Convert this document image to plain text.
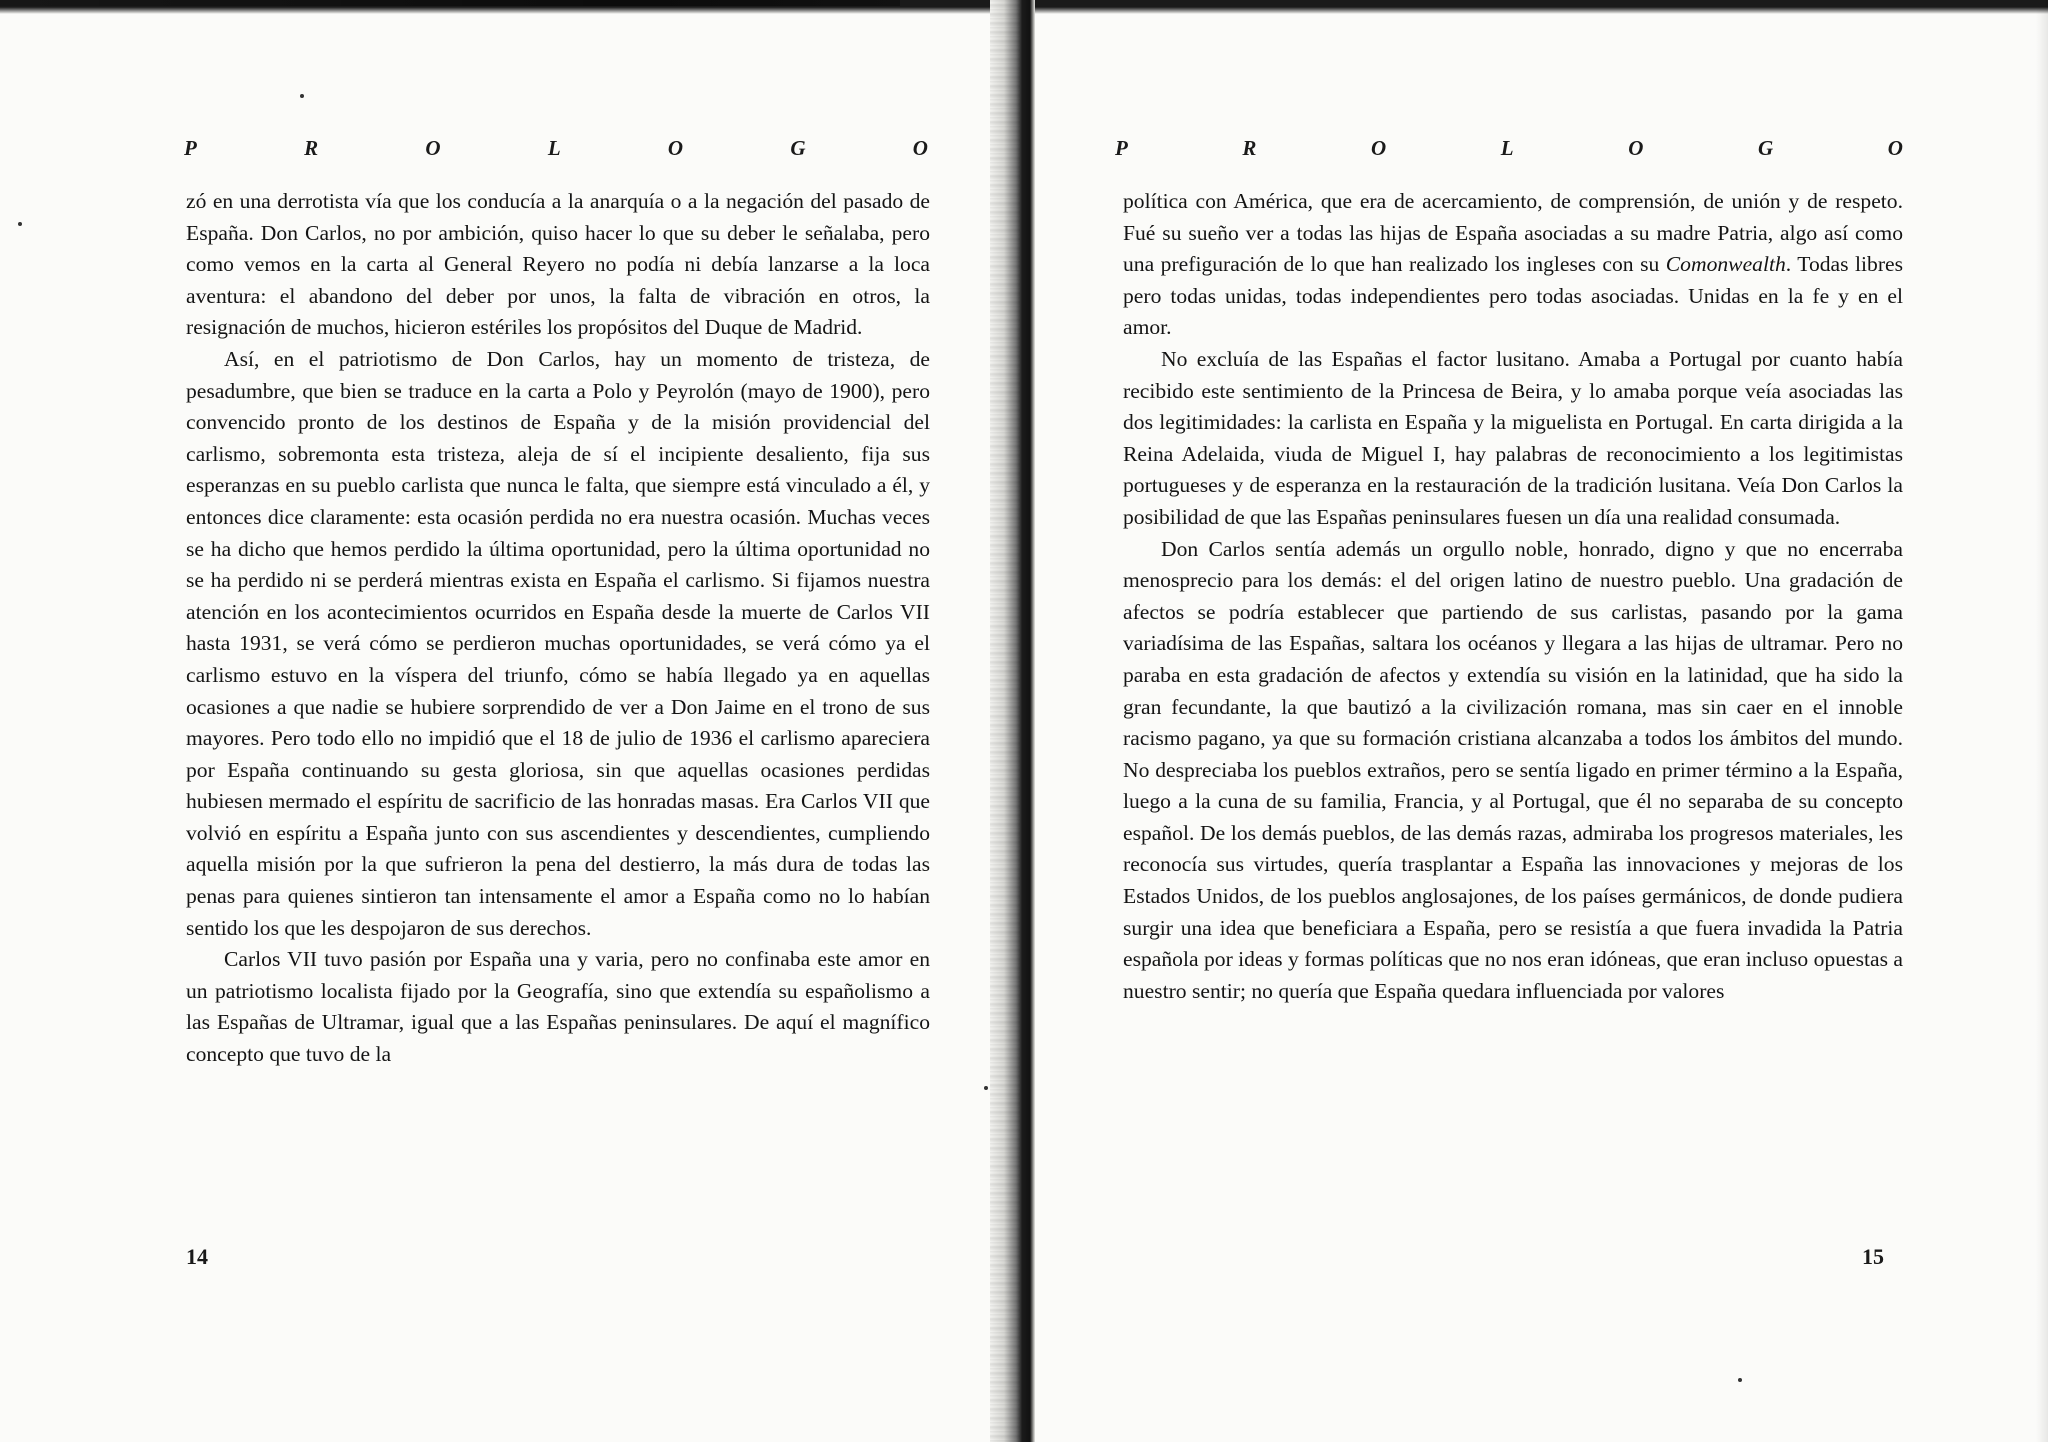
P	R	O	L	O	G	O

zó en una derrotista vía que los conducía a la anarquía o a la negación del pasado de España. Don Carlos, no por ambición, quiso hacer lo que su deber le señalaba, pero como vemos en la carta al General Reyero no podía ni debía lanzarse a la loca aventura: el abandono del deber por unos, la falta de vibración en otros, la resignación de muchos, hicieron estériles los propósitos del Duque de Madrid.

Así, en el patriotismo de Don Carlos, hay un momento de tristeza, de pesadumbre, que bien se traduce en la carta a Polo y Peyrolón (mayo de 1900), pero convencido pronto de los destinos de España y de la misión providencial del carlismo, sobremonta esta tristeza, aleja de sí el incipiente desaliento, fija sus esperanzas en su pueblo carlista que nunca le falta, que siempre está vinculado a él, y entonces dice claramente: esta ocasión perdida no era nuestra ocasión. Muchas veces se ha dicho que hemos perdido la última oportunidad, pero la última oportunidad no se ha perdido ni se perderá mientras exista en España el carlismo. Si fijamos nuestra atención en los acontecimientos ocurridos en España desde la muerte de Carlos VII hasta 1931, se verá cómo se perdieron muchas oportunidades, se verá cómo ya el carlismo estuvo en la víspera del triunfo, cómo se había llegado ya en aquellas ocasiones a que nadie se hubiere sorprendido de ver a Don Jaime en el trono de sus mayores. Pero todo ello no impidió que el 18 de julio de 1936 el carlismo apareciera por España continuando su gesta gloriosa, sin que aquellas ocasiones perdidas hubiesen mermado el espíritu de sacrificio de las honradas masas. Era Carlos VII que volvió en espíritu a España junto con sus ascendientes y descendientes, cumpliendo aquella misión por la que sufrieron la pena del destierro, la más dura de todas las penas para quienes sintieron tan intensamente el amor a España como no lo habían sentido los que les despojaron de sus derechos.

Carlos VII tuvo pasión por España una y varia, pero no confinaba este amor en un patriotismo localista fijado por la Geografía, sino que extendía su españolismo a las Españas de Ultramar, igual que a las Españas peninsulares. De aquí el magnífico concepto que tuvo de la

14
P	R	O	L	O	G	O

política con América, que era de acercamiento, de comprensión, de unión y de respeto. Fué su sueño ver a todas las hijas de España asociadas a su madre Patria, algo así como una prefiguración de lo que han realizado los ingleses con su Comonwealth. Todas libres pero todas unidas, todas independientes pero todas asociadas. Unidas en la fe y en el amor.

No excluía de las Españas el factor lusitano. Amaba a Portugal por cuanto había recibido este sentimiento de la Princesa de Beira, y lo amaba porque veía asociadas las dos legitimidades: la carlista en España y la miguelista en Portugal. En carta dirigida a la Reina Adelaida, viuda de Miguel I, hay palabras de reconocimiento a los legitimistas portugueses y de esperanza en la restauración de la tradición lusitana. Veía Don Carlos la posibilidad de que las Españas peninsulares fuesen un día una realidad consumada.

Don Carlos sentía además un orgullo noble, honrado, digno y que no encerraba menosprecio para los demás: el del origen latino de nuestro pueblo. Una gradación de afectos se podría establecer que partiendo de sus carlistas, pasando por la gama variadísima de las Españas, saltara los océanos y llegara a las hijas de ultramar. Pero no paraba en esta gradación de afectos y extendía su visión en la latinidad, que ha sido la gran fecundante, la que bautizó a la civilización romana, mas sin caer en el innoble racismo pagano, ya que su formación cristiana alcanzaba a todos los ámbitos del mundo. No despreciaba los pueblos extraños, pero se sentía ligado en primer término a la España, luego a la cuna de su familia, Francia, y al Portugal, que él no separaba de su concepto español. De los demás pueblos, de las demás razas, admiraba los progresos materiales, les reconocía sus virtudes, quería trasplantar a España las innovaciones y mejoras de los Estados Unidos, de los pueblos anglosajones, de los países germánicos, de donde pudiera surgir una idea que beneficiara a España, pero se resistía a que fuera invadida la Patria española por ideas y formas políticas que no nos eran idóneas, que eran incluso opuestas a nuestro sentir; no quería que España quedara influenciada por valores

15
